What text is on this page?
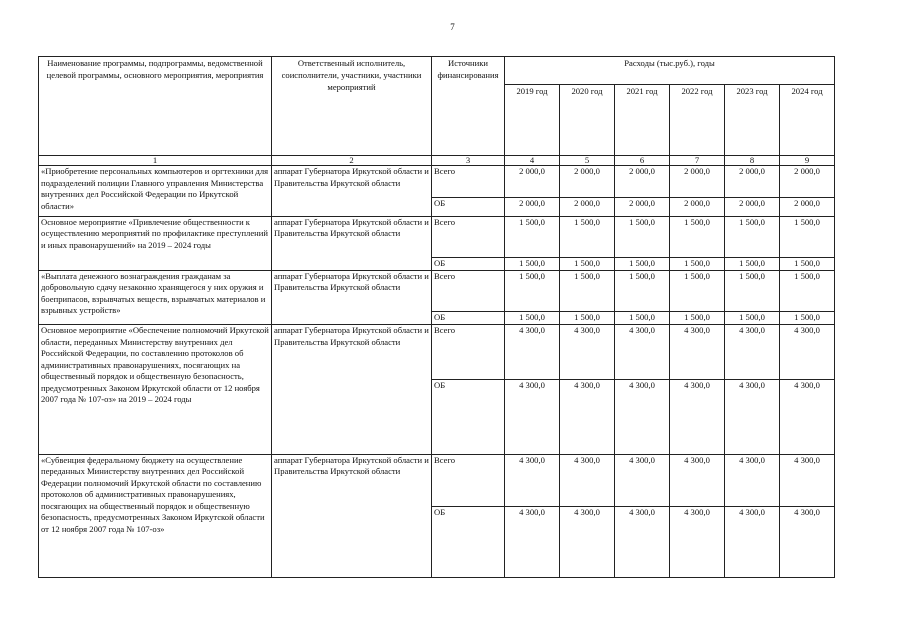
7
Наименование программы, подпрограммы, ведомственной целевой программы, основного мероприятия, мероприятия	Ответственный исполнитель, соисполнители, участники, участники мероприятий	Источники финансирования	Расходы (тыс.руб.), годы					
			2019 год	2020 год	2021 год	2022 год	2023 год	2024 год
1	2	3	4	5	6	7	8	9
«Приобретение персональных компьютеров и оргтехники для подразделений полиции Главного управления Министерства внутренних дел Российской Федерации по Иркутской области»	аппарат Губернатора Иркутской области и Правительства Иркутской области	Всего	2 000,0	2 000,0	2 000,0	2 000,0	2 000,0	2 000,0
		ОБ	2 000,0	2 000,0	2 000,0	2 000,0	2 000,0	2 000,0
Основное мероприятие «Привлечение общественности к осуществлению мероприятий по профилактике преступлений и иных правонарушений» на 2019 – 2024 годы	аппарат Губернатора Иркутской области и Правительства Иркутской области	Всего	1 500,0	1 500,0	1 500,0	1 500,0	1 500,0	1 500,0
		ОБ	1 500,0	1 500,0	1 500,0	1 500,0	1 500,0	1 500,0
«Выплата денежного вознаграждения гражданам за добровольную сдачу незаконно хранящегося у них оружия и боеприпасов, взрывчатых веществ, взрывчатых материалов и взрывных устройств»	аппарат Губернатора Иркутской области и Правительства Иркутской области	Всего	1 500,0	1 500,0	1 500,0	1 500,0	1 500,0	1 500,0
		ОБ	1 500,0	1 500,0	1 500,0	1 500,0	1 500,0	1 500,0
Основное мероприятие «Обеспечение полномочий Иркутской области, переданных Министерству внутренних дел Российской Федерации, по составлению протоколов об административных правонарушениях, посягающих на общественный порядок и общественную безопасность, предусмотренных Законом Иркутской области от 12 ноября 2007 года № 107-оз» на 2019 – 2024 годы	аппарат Губернатора Иркутской области и Правительства Иркутской области	Всего	4 300,0	4 300,0	4 300,0	4 300,0	4 300,0	4 300,0
		ОБ	4 300,0	4 300,0	4 300,0	4 300,0	4 300,0	4 300,0
«Субвенция федеральному бюджету на осуществление переданных Министерству внутренних дел Российской Федерации полномочий Иркутской области по составлению протоколов об административных правонарушениях, посягающих на общественный порядок и общественную безопасность, предусмотренных Законом Иркутской области от 12 ноября 2007 года № 107-оз»	аппарат Губернатора Иркутской области и Правительства Иркутской области	Всего	4 300,0	4 300,0	4 300,0	4 300,0	4 300,0	4 300,0
		ОБ	4 300,0	4 300,0	4 300,0	4 300,0	4 300,0	4 300,0
